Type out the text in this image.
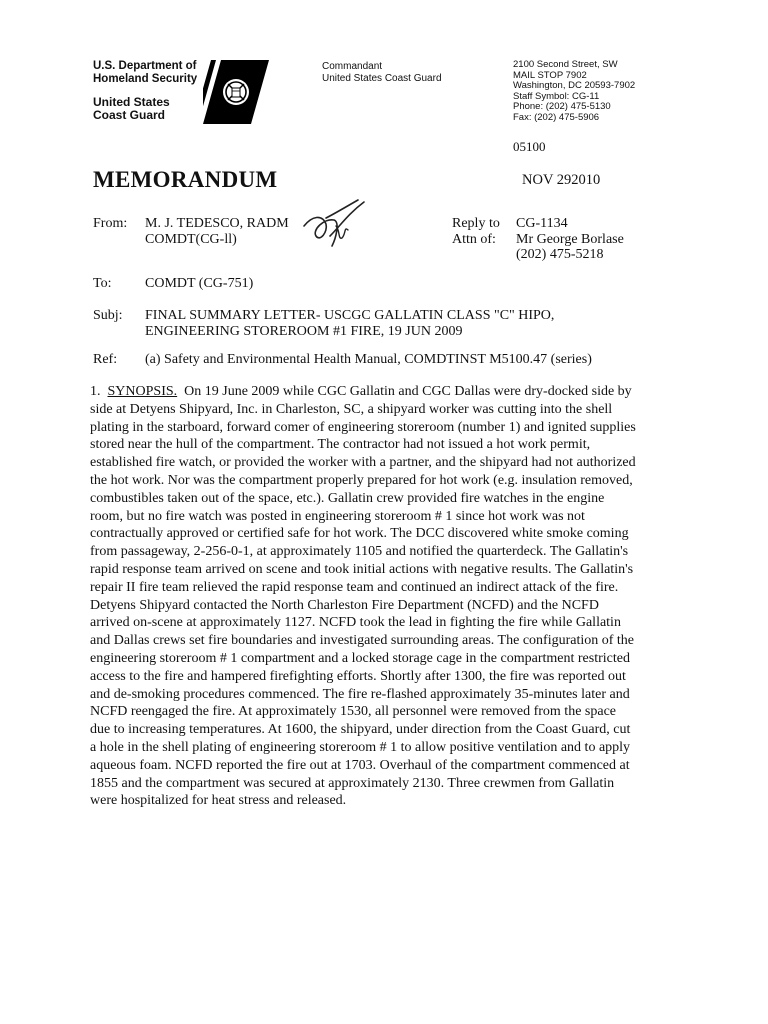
U.S. Department of
Homeland Security
United States
Coast Guard
Commandant
United States Coast Guard
2100 Second Street, SW
MAIL STOP 7902
Washington, DC 20593-7902
Staff Symbol: CG-11
Phone: (202) 475-5130
Fax: (202) 475-5906
05100
MEMORANDUM	NOV 292010
From: M. J. TEDESCO, RADM
COMDT(CG-ll)
Reply to
Attn of:
CG-1134
Mr George Borlase
(202) 475-5218
To: COMDT (CG-751)
Subj: FINAL SUMMARY LETTER- USCGC GALLATIN CLASS "C" HIPO,
ENGINEERING STOREROOM #1 FIRE, 19 JUN 2009
Ref: (a) Safety and Environmental Health Manual, COMDTINST M5100.47 (series)
1. SYNOPSIS. On 19 June 2009 while CGC Gallatin and CGC Dallas were dry-docked side by
side at Detyens Shipyard, Inc. in Charleston, SC, a shipyard worker was cutting into the shell
plating in the starboard, forward comer of engineering storeroom (number 1) and ignited supplies
stored near the hull of the compartment. The contractor had not issued a hot work permit,
established fire watch, or provided the worker with a partner, and the shipyard had not authorized
the hot work. Nor was the compartment properly prepared for hot work (e.g. insulation removed,
combustibles taken out of the space, etc.). Gallatin crew provided fire watches in the engine
room, but no fire watch was posted in engineering storeroom # 1 since hot work was not
contractually approved or certified safe for hot work. The DCC discovered white smoke coming
from passageway, 2-256-0-1, at approximately 1105 and notified the quarterdeck. The Gallatin's
rapid response team arrived on scene and took initial actions with negative results. The Gallatin's
repair II fire team relieved the rapid response team and continued an indirect attack of the fire.
Detyens Shipyard contacted the North Charleston Fire Department (NCFD) and the NCFD
arrived on-scene at approximately 1127. NCFD took the lead in fighting the fire while Gallatin
and Dallas crews set fire boundaries and investigated surrounding areas. The configuration of the
engineering storeroom # 1 compartment and a locked storage cage in the compartment restricted
access to the fire and hampered firefighting efforts. Shortly after 1300, the fire was reported out
and de-smoking procedures commenced. The fire re-flashed approximately 35-minutes later and
NCFD reengaged the fire. At approximately 1530, all personnel were removed from the space
due to increasing temperatures. At 1600, the shipyard, under direction from the Coast Guard, cut
a hole in the shell plating of engineering storeroom # 1 to allow positive ventilation and to apply
aqueous foam. NCFD reported the fire out at 1703. Overhaul of the compartment commenced at
1855 and the compartment was secured at approximately 2130. Three crewmen from Gallatin
were hospitalized for heat stress and released.
